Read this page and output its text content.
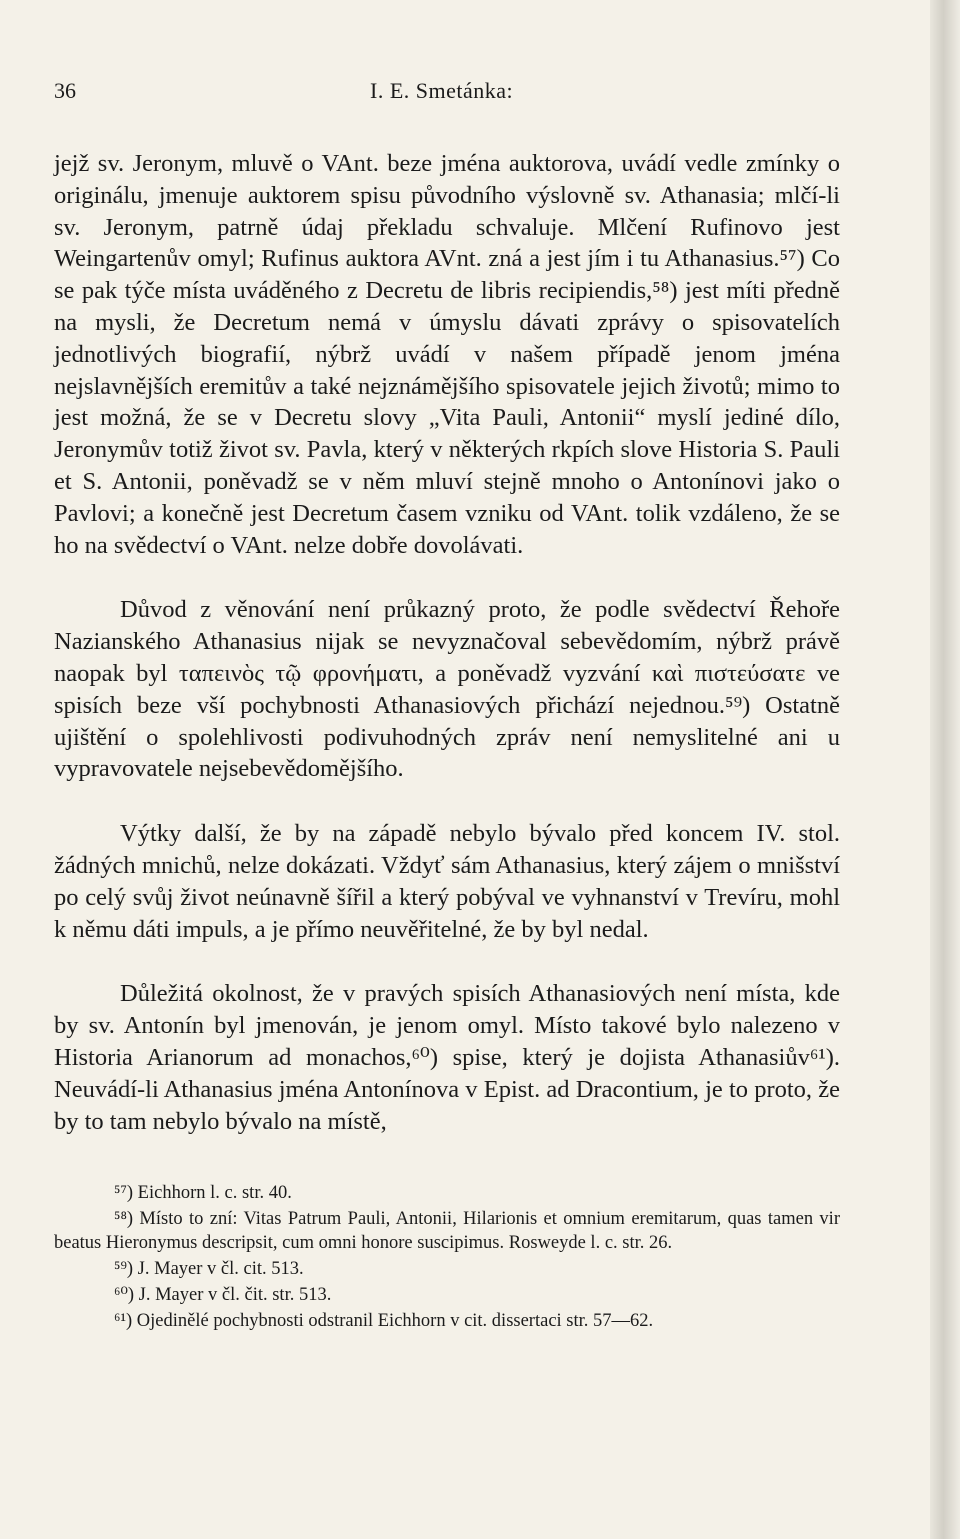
36	I. E. Smetánka:

jejž sv. Jeronym, mluvě o VAnt. beze jména auktorova, uvádí vedle zmínky o originálu, jmenuje auktorem spisu původního výslovně sv. Athanasia; mlčí-li sv. Jeronym, patrně údaj překladu schvaluje. Mlčení Rufinovo jest Weingartenův omyl; Rufinus auktora AVnt. zná a jest jím i tu Athanasius.⁵⁷) Co se pak týče místa uváděného z Decretu de libris recipiendis,⁵⁸) jest míti předně na mysli, že Decretum nemá v úmyslu dávati zprávy o spisovatelích jednotlivých biografií, nýbrž uvádí v našem případě jenom jména nejslavnějších eremitův a také nejznámějšího spisovatele jejich životů; mimo to jest možná, že se v Decretu slovy „Vita Pauli, Antonii“ myslí jediné dílo, Jeronymův totiž život sv. Pavla, který v některých rkpích slove Historia S. Pauli et S. Antonii, poněvadž se v něm mluví stejně mnoho o Antonínovi jako o Pavlovi; a konečně jest Decretum časem vzniku od VAnt. tolik vzdáleno, že se ho na svědectví o VAnt. nelze dobře dovolávati.

Důvod z věnování není průkazný proto, že podle svědectví Řehoře Nazianského Athanasius nijak se nevyznačoval sebevědomím, nýbrž právě naopak byl ταπεινὸς τῷ φρονήματι, a poněvadž vyzvání καὶ πιστεύσατε ve spisích beze vší pochybnosti Athanasiových přichází nejednou.⁵⁹) Ostatně ujištění o spolehlivosti podivuhodných zpráv není nemyslitelné ani u vypravovatele nejsebevědomějšího.

Výtky další, že by na západě nebylo bývalo před koncem IV. stol. žádných mnichů, nelze dokázati. Vždyť sám Athanasius, který zájem o mnišství po celý svůj život neúnavně šířil a který pobýval ve vyhnanství v Trevíru, mohl k němu dáti impuls, a je přímo neuvěřitelné, že by byl nedal.

Důležitá okolnost, že v pravých spisích Athanasiových není místa, kde by sv. Antonín byl jmenován, je jenom omyl. Místo takové bylo nalezeno v Historia Arianorum ad monachos,⁶⁰) spise, který je dojista Athanasiův⁶¹). Neuvádí-li Athanasius jména Antonínova v Epist. ad Dracontium, je to proto, že by to tam nebylo bývalo na místě,

⁵⁷) Eichhorn l. c. str. 40.

⁵⁸) Místo to zní: Vitas Patrum Pauli, Antonii, Hilarionis et omnium eremitarum, quas tamen vir beatus Hieronymus descripsit, cum omni honore suscipimus. Rosweyde l. c. str. 26.

⁵⁹) J. Mayer v čl. cit. 513.

⁶⁰) J. Mayer v čl. čit. str. 513.

⁶¹) Ojedinělé pochybnosti odstranil Eichhorn v cit. dissertaci str. 57—62.
